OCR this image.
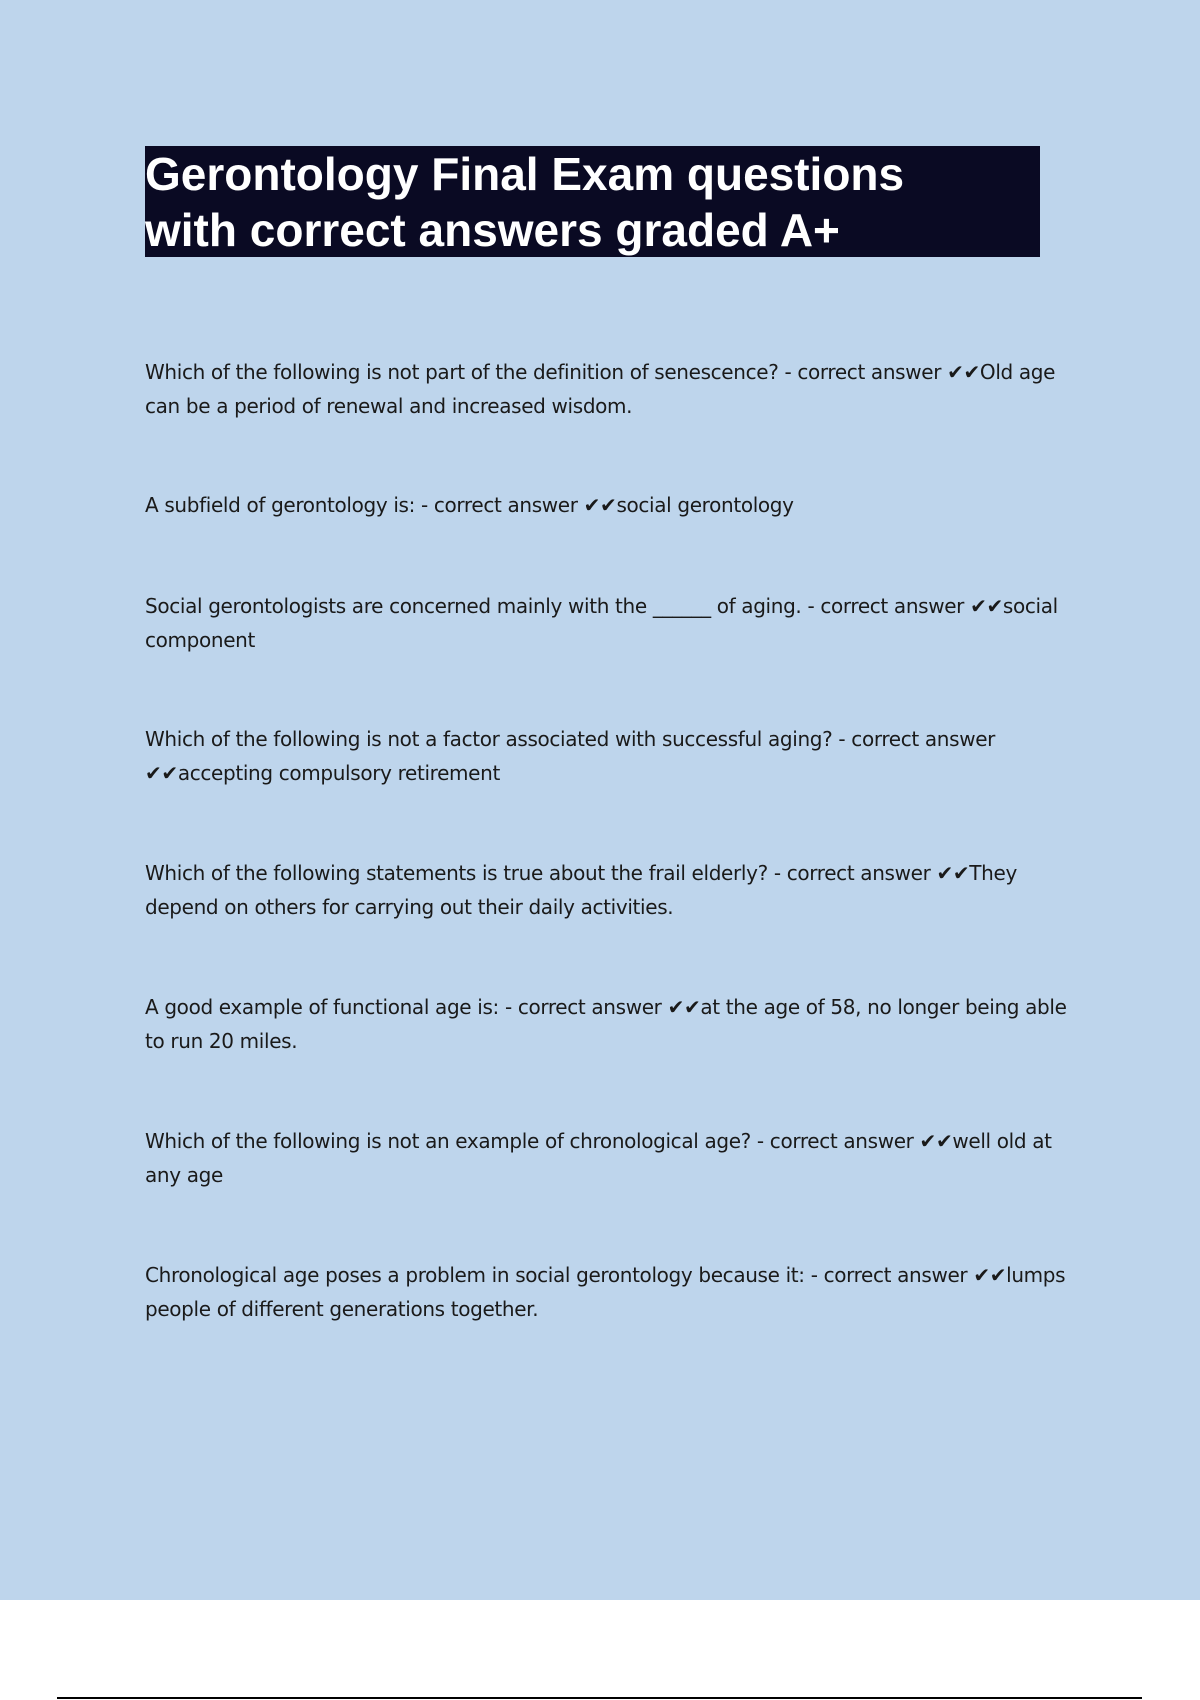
Gerontology Final Exam questions
with correct answers graded A+
Which of the following is not part of the definition of senescence? - correct answer ✔✔Old age can be a period of renewal and increased wisdom.
A subfield of gerontology is: - correct answer ✔✔social gerontology
Social gerontologists are concerned mainly with the ______ of aging. - correct answer ✔✔social component
Which of the following is not a factor associated with successful aging? - correct answer ✔✔accepting compulsory retirement
Which of the following statements is true about the frail elderly? - correct answer ✔✔They depend on others for carrying out their daily activities.
A good example of functional age is: - correct answer ✔✔at the age of 58, no longer being able to run 20 miles.
Which of the following is not an example of chronological age? - correct answer ✔✔well old at any age
Chronological age poses a problem in social gerontology because it: - correct answer ✔✔lumps people of different generations together.
